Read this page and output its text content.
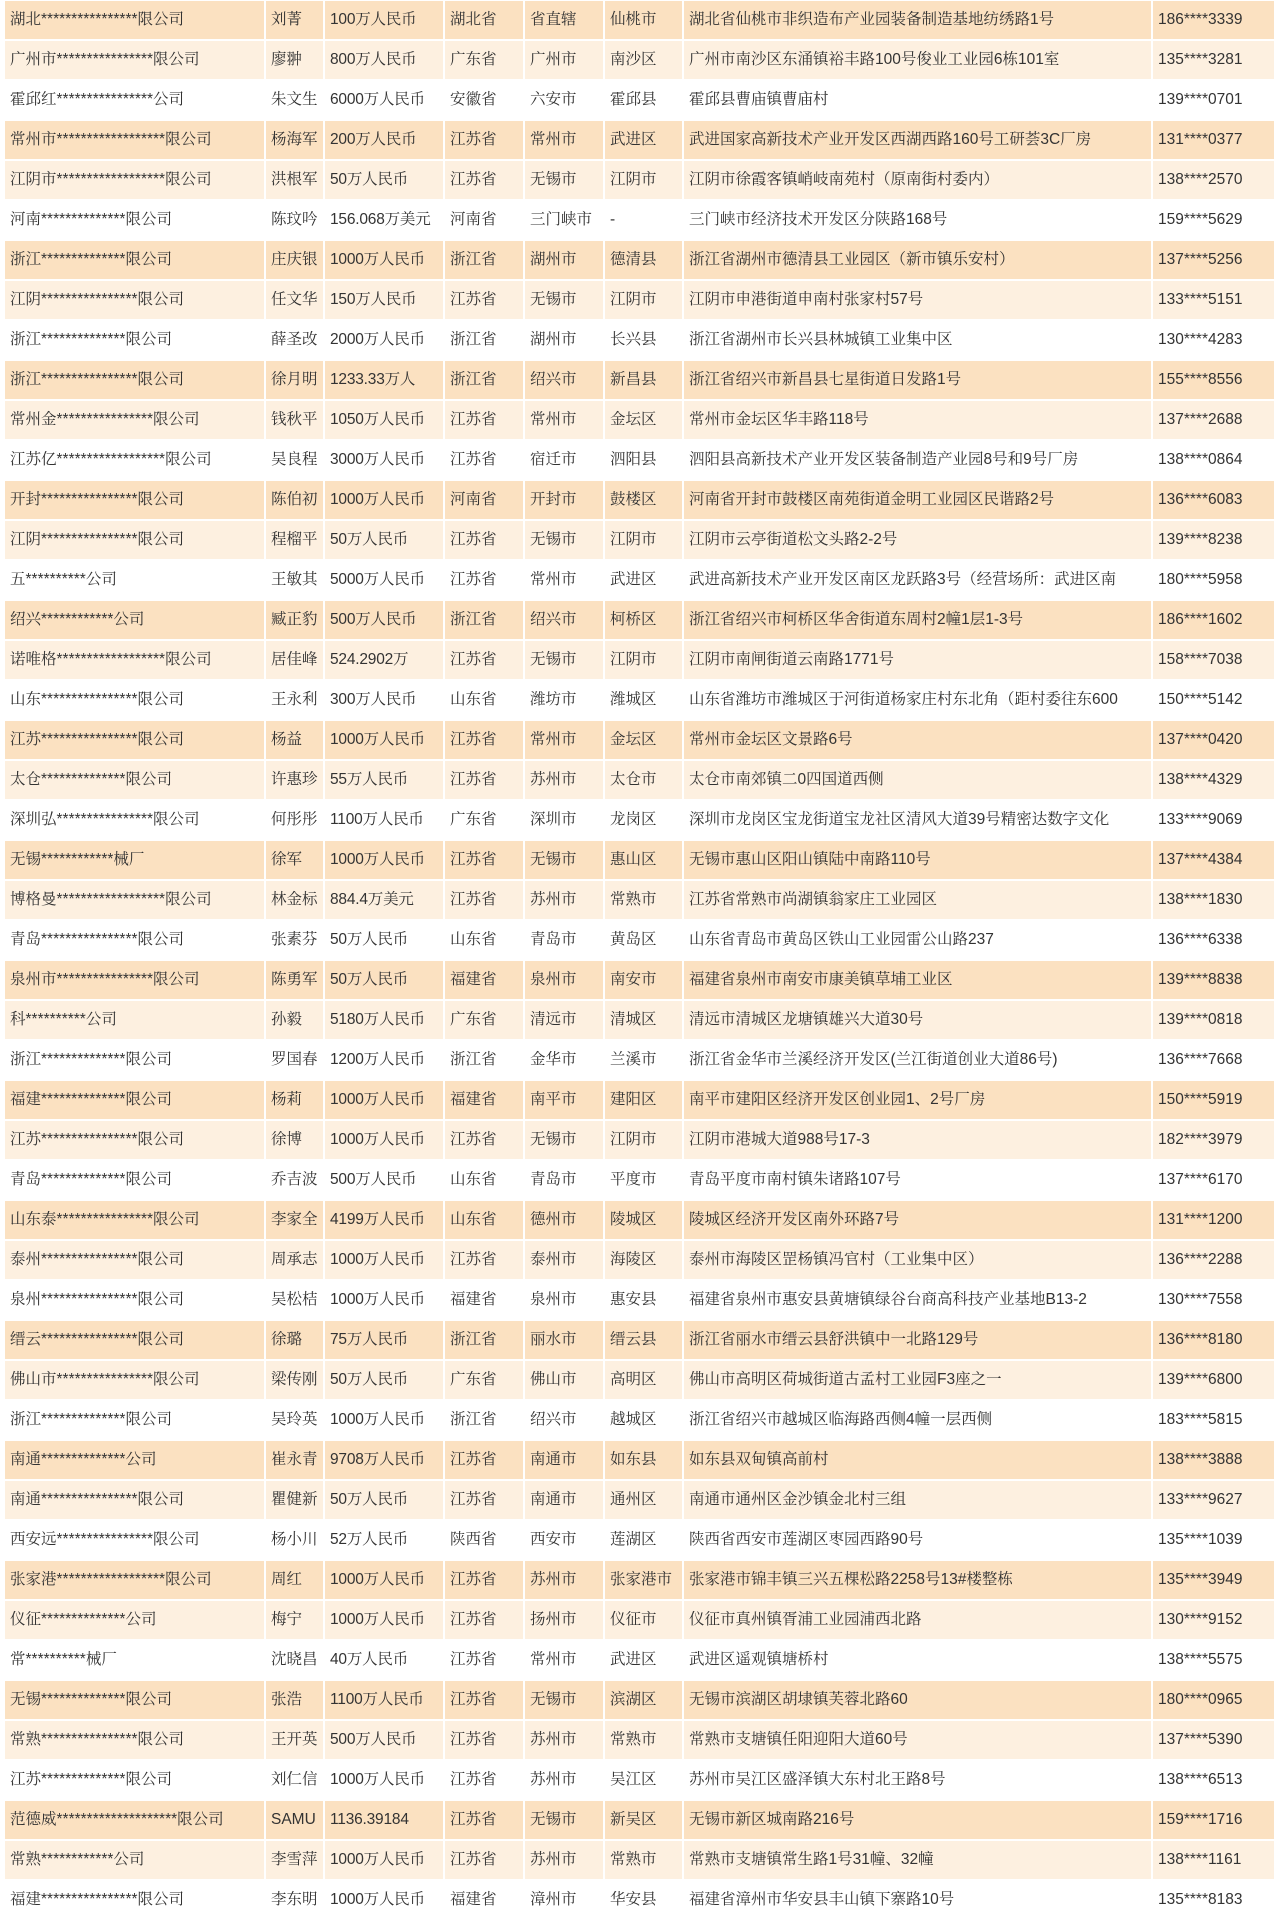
湖北****************限公司	刘菁	100万人民币	湖北省	省直辖	仙桃市	湖北省仙桃市非织造布产业园装备制造基地纺绣路1号	186****3339
广州市****************限公司	廖翀	800万人民币	广东省	广州市	南沙区	广州市南沙区东涌镇裕丰路100号俊业工业园6栋101室	135****3281
霍邱红****************公司	朱文生 6000万人民币	安徽省	六安市	霍邱县	霍邱县曹庙镇曹庙村	139****0701
常州市******************限公司	杨海军 200万人民币	江苏省	常州市	武进区	武进国家高新技术产业开发区西湖西路160号工研荟3C厂房	131****0377
江阴市******************限公司	洪根军 50万人民币	江苏省	无锡市	江阴市	江阴市徐霞客镇峭岐南苑村（原南街村委内）	138****2570
河南**************限公司	陈玟吟 156.068万美元	河南省	三门峡市	-	三门峡市经济技术开发区分陕路168号	159****5629
浙江**************限公司	庄庆银 1000万人民币	浙江省	湖州市	德清县	浙江省湖州市德清县工业园区（新市镇乐安村）	137****5256
江阴****************限公司	任文华 150万人民币	江苏省	无锡市	江阴市	江阴市申港街道申南村张家村57号	133****5151
浙江**************限公司	薛圣改 2000万人民币	浙江省	湖州市	长兴县	浙江省湖州市长兴县林城镇工业集中区	130****4283
浙江****************限公司	徐月明 1233.33万人	浙江省	绍兴市	新昌县	浙江省绍兴市新昌县七星街道日发路1号	155****8556
常州金****************限公司	钱秋平 1050万人民币	江苏省	常州市	金坛区	常州市金坛区华丰路118号	137****2688
江苏亿******************限公司	吴良程 3000万人民币	江苏省	宿迁市	泗阳县	泗阳县高新技术产业开发区装备制造产业园8号和9号厂房	138****0864
开封****************限公司	陈伯初 1000万人民币	河南省	开封市	鼓楼区	河南省开封市鼓楼区南苑街道金明工业园区民谐路2号	136****6083
江阴****************限公司	程榴平 50万人民币	江苏省	无锡市	江阴市	江阴市云亭街道松文头路2-2号	139****8238
五**********公司	王敏其 5000万人民币	江苏省	常州市	武进区	武进高新技术产业开发区南区龙跃路3号（经营场所：武进区南	180****5958
绍兴************公司	臧正豹 500万人民币	浙江省	绍兴市	柯桥区	浙江省绍兴市柯桥区华舍街道东周村2幢1层1-3号	186****1602
诺唯格******************限公司	居佳峰 524.2902万	江苏省	无锡市	江阴市	江阴市南闸街道云南路1771号	158****7038
山东****************限公司	王永利 300万人民币	山东省	潍坊市	潍城区	山东省潍坊市潍城区于河街道杨家庄村东北角（距村委往东600	150****5142
江苏****************限公司	杨益	1000万人民币	江苏省	常州市	金坛区	常州市金坛区文景路6号	137****0420
太仓**************限公司	许惠珍 55万人民币	江苏省	苏州市	太仓市	太仓市南郊镇二0四国道西侧	138****4329
深圳弘****************限公司	何彤彤 1100万人民币	广东省	深圳市	龙岗区	深圳市龙岗区宝龙街道宝龙社区清风大道39号精密达数字文化	133****9069
无锡************械厂	徐军	1000万人民币	江苏省	无锡市	惠山区	无锡市惠山区阳山镇陆中南路110号	137****4384
博格曼******************限公司	林金标 884.4万美元	江苏省	苏州市	常熟市	江苏省常熟市尚湖镇翁家庄工业园区	138****1830
青岛****************限公司	张素芬 50万人民币	山东省	青岛市	黄岛区	山东省青岛市黄岛区铁山工业园雷公山路237	136****6338
泉州市****************限公司	陈勇军 50万人民币	福建省	泉州市	南安市	福建省泉州市南安市康美镇草埔工业区	139****8838
科**********公司	孙毅	5180万人民币	广东省	清远市	清城区	清远市清城区龙塘镇雄兴大道30号	139****0818
浙江**************限公司	罗国春 1200万人民币	浙江省	金华市	兰溪市	浙江省金华市兰溪经济开发区(兰江街道创业大道86号)	136****7668
福建**************限公司	杨莉	1000万人民币	福建省	南平市	建阳区	南平市建阳区经济开发区创业园1、2号厂房	150****5919
江苏****************限公司	徐博	1000万人民币	江苏省	无锡市	江阴市	江阴市港城大道988号17-3	182****3979
青岛**************限公司	乔吉波 500万人民币	山东省	青岛市	平度市	青岛平度市南村镇朱诸路107号	137****6170
山东泰****************限公司	李家全 4199万人民币	山东省	德州市	陵城区	陵城区经济开发区南外环路7号	131****1200
泰州****************限公司	周承志 1000万人民币	江苏省	泰州市	海陵区	泰州市海陵区罡杨镇冯官村（工业集中区）	136****2288
泉州****************限公司	吴松桔 1000万人民币	福建省	泉州市	惠安县	福建省泉州市惠安县黄塘镇绿谷台商高科技产业基地B13-2	130****7558
缙云****************限公司	徐璐	75万人民币	浙江省	丽水市	缙云县	浙江省丽水市缙云县舒洪镇中一北路129号	136****8180
佛山市****************限公司	梁传刚 50万人民币	广东省	佛山市	高明区	佛山市高明区荷城街道古孟村工业园F3座之一	139****6800
浙江**************限公司	吴玲英 1000万人民币	浙江省	绍兴市	越城区	浙江省绍兴市越城区临海路西侧4幢一层西侧	183****5815
南通**************公司	崔永青 9708万人民币	江苏省	南通市	如东县	如东县双甸镇高前村	138****3888
南通****************限公司	瞿健新 50万人民币	江苏省	南通市	通州区	南通市通州区金沙镇金北村三组	133****9627
西安远****************限公司	杨小川 52万人民币	陕西省	西安市	莲湖区	陕西省西安市莲湖区枣园西路90号	135****1039
张家港******************限公司	周红	1000万人民币	江苏省	苏州市	张家港市	张家港市锦丰镇三兴五棵松路2258号13#楼整栋	135****3949
仪征**************公司	梅宁	1000万人民币	江苏省	扬州市	仪征市	仪征市真州镇胥浦工业园浦西北路	130****9152
常**********械厂	沈晓昌 40万人民币	江苏省	常州市	武进区	武进区遥观镇塘桥村	138****5575
无锡**************限公司	张浩	1100万人民币	江苏省	无锡市	滨湖区	无锡市滨湖区胡埭镇芙蓉北路60	180****0965
常熟****************限公司	王开英 500万人民币	江苏省	苏州市	常熟市	常熟市支塘镇任阳迎阳大道60号	137****5390
江苏**************限公司	刘仁信 1000万人民币	江苏省	苏州市	吴江区	苏州市吴江区盛泽镇大东村北王路8号	138****6513
范德威********************限公司	SAMU 1136.39184	江苏省	无锡市	新吴区	无锡市新区城南路216号	159****1716
常熟************公司	李雪萍 1000万人民币	江苏省	苏州市	常熟市	常熟市支塘镇常生路1号31幢、32幢	138****1161
福建****************限公司	李东明 1000万人民币	福建省	漳州市	华安县	福建省漳州市华安县丰山镇下寨路10号	135****8183
